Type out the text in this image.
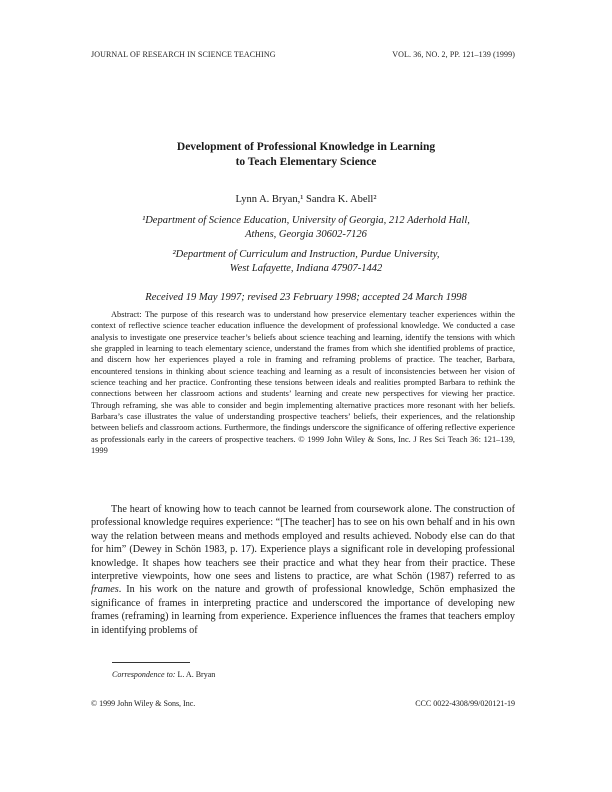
JOURNAL OF RESEARCH IN SCIENCE TEACHING	VOL. 36, NO. 2, PP. 121–139 (1999)
Development of Professional Knowledge in Learning
to Teach Elementary Science
Lynn A. Bryan,¹ Sandra K. Abell²
¹Department of Science Education, University of Georgia, 212 Aderhold Hall,
Athens, Georgia 30602-7126
²Department of Curriculum and Instruction, Purdue University,
West Lafayette, Indiana 47907-1442
Received 19 May 1997; revised 23 February 1998; accepted 24 March 1998
Abstract: The purpose of this research was to understand how preservice elementary teacher experiences within the context of reflective science teacher education influence the development of professional knowledge. We conducted a case analysis to investigate one preservice teacher’s beliefs about science teaching and learning, identify the tensions with which she grappled in learning to teach elementary science, understand the frames from which she identified problems of practice, and discern how her experiences played a role in framing and reframing problems of practice. The teacher, Barbara, encountered tensions in thinking about science teaching and learning as a result of inconsistencies between her vision of science teaching and her practice. Confronting these tensions between ideals and realities prompted Barbara to rethink the connections between her classroom actions and students’ learning and create new perspectives for viewing her practice. Through reframing, she was able to consider and begin implementing alternative practices more resonant with her beliefs. Barbara’s case illustrates the value of understanding prospective teachers’ beliefs, their experiences, and the relationship between beliefs and classroom actions. Furthermore, the findings underscore the significance of offering reflective experience as professionals early in the careers of prospective teachers. © 1999 John Wiley & Sons, Inc. J Res Sci Teach 36: 121–139, 1999
The heart of knowing how to teach cannot be learned from coursework alone. The construction of professional knowledge requires experience: “[The teacher] has to see on his own behalf and in his own way the relation between means and methods employed and results achieved. Nobody else can do that for him” (Dewey in Schön 1983, p. 17). Experience plays a significant role in developing professional knowledge. It shapes how teachers see their practice and what they hear from their practice. These interpretive viewpoints, how one sees and listens to practice, are what Schön (1987) referred to as frames. In his work on the nature and growth of professional knowledge, Schön emphasized the significance of frames in interpreting practice and underscored the importance of developing new frames (reframing) in learning from experience. Experience influences the frames that teachers employ in identifying problems of
Correspondence to: L. A. Bryan
© 1999 John Wiley & Sons, Inc.	CCC 0022-4308/99/020121-19
